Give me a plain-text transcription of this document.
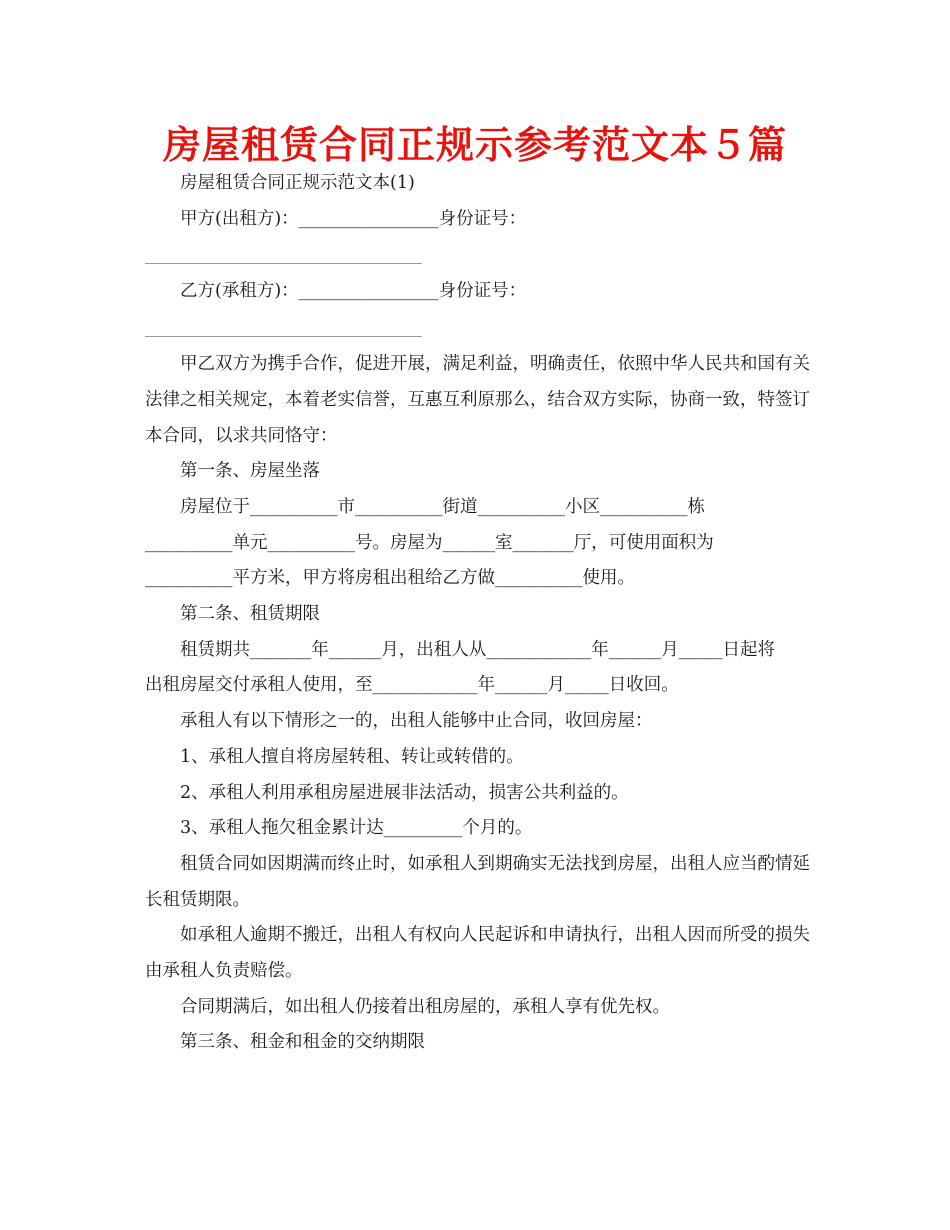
房屋租赁合同正规示参考范文本５篇

房屋租赁合同正规示范文本(1)

甲方(出租方)：________________身份证号：

乙方(承租方)：________________身份证号：

甲乙双方为携手合作，促进开展，满足利益，明确责任，依照中华人民共和国有关法律之相关规定，本着老实信誉，互惠互利原那么，结合双方实际，协商一致，特签订本合同，以求共同恪守：

第一条、房屋坐落

房屋位于__________市__________街道__________小区__________栋

__________单元__________号。房屋为______室_______厅，可使用面积为

__________平方米，甲方将房租出租给乙方做__________使用。

第二条、租赁期限

租赁期共_______年______月，出租人从____________年______月_____日起将

出租房屋交付承租人使用，至____________年______月_____日收回。

承租人有以下情形之一的，出租人能够中止合同，收回房屋：

1、承租人擅自将房屋转租、转让或转借的。

2、承租人利用承租房屋进展非法活动，损害公共利益的。

3、承租人拖欠租金累计达_________个月的。

租赁合同如因期满而终止时，如承租人到期确实无法找到房屋，出租人应当酌情延长租赁期限。

如承租人逾期不搬迁，出租人有权向人民起诉和申请执行，出租人因而所受的损失由承租人负责赔偿。

合同期满后，如出租人仍接着出租房屋的，承租人享有优先权。

第三条、租金和租金的交纳期限
